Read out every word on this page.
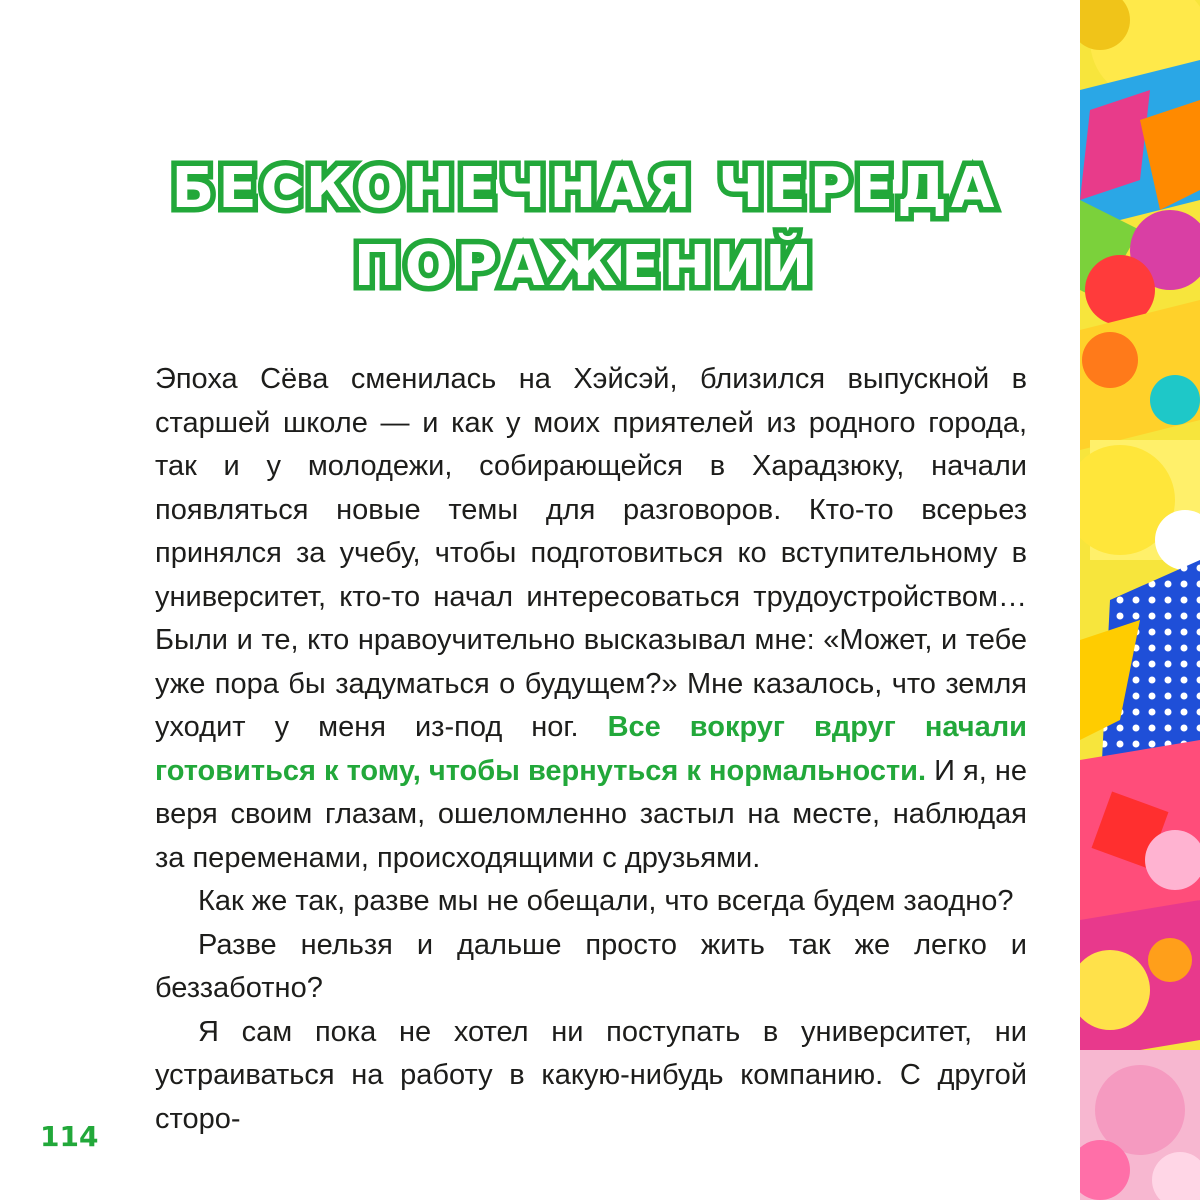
БЕСКОНЕЧНАЯ ЧЕРЕДА
ПОРАЖЕНИЙ

Эпоха Сёва сменилась на Хэйсэй, близился выпускной в старшей школе — и как у моих приятелей из родного города, так и у молодежи, собирающейся в Харадзюку, начали появляться новые темы для разговоров. Кто-то всерьез принялся за учебу, чтобы подготовиться ко вступительному в университет, кто-то начал интересоваться трудоустройством… Были и те, кто нравоучительно высказывал мне: «Может, и тебе уже пора бы задуматься о будущем?» Мне казалось, что земля уходит у меня из-под ног. Все вокруг вдруг начали готовиться к тому, чтобы вернуться к нормальности. И я, не веря своим глазам, ошеломленно застыл на месте, наблюдая за переменами, происходящими с друзьями.

Как же так, разве мы не обещали, что всегда будем заодно?

Разве нельзя и дальше просто жить так же легко и беззаботно?

Я сам пока не хотел ни поступать в университет, ни устраиваться на работу в какую-нибудь компанию. С другой сторо-

114
